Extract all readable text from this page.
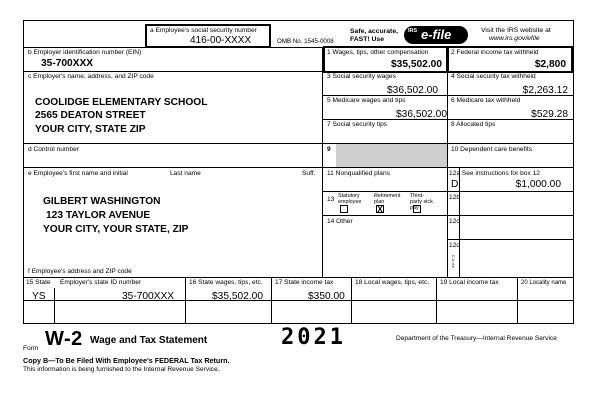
a Employee's social security number
416-00-XXXX	OMB No. 1545-0008
Safe, accurate,
FAST! Use
IRS e-file	Visit the IRS website at
www.irs.gov/efile
b Employer identification number (EIN)
35-700XXX
1 Wages, tips, other compensation
$35,502.00
2 Federal income tax withheld
$2,800
c Employer's name, address, and ZIP code
COOLIDGE ELEMENTARY SCHOOL
2565 DEATON STREET
YOUR CITY, STATE ZIP
3 Social security wages
$36,502.00
4 Social security tax withheld
$2,263.12
5 Medicare wages and tips
$36,502.00
6 Medicare tax withheld
$529.28
7 Social security tips	8 Allocated tips
d Control number	9	10 Dependent care benefits
e Employee's first name and initial	Last name	Suff.
GILBERT WASHINGTON
123 TAYLOR AVENUE
YOUR CITY, YOUR STATE, ZIP
f Employee's address and ZIP code
11 Nonqualified plans
13 Statutory employee
Retirement plan
Third-party sick pay
X
14 Other
12a See instructions for box 12
D	$1,000.00
12b
12c
12d
C o d e
15 State Employer's state ID number
YS	35-700XXX
16 State wages, tips, etc.
$35,502.00
17 State income tax
$350.00
18 Local wages, tips, etc. 19 Local income tax	20 Locality name
Form W-2 Wage and Tax Statement	2021	Department of the Treasury—Internal Revenue Service
Copy B—To Be Filed With Employee's FEDERAL Tax Return.
This information is being furnished to the Internal Revenue Service.
